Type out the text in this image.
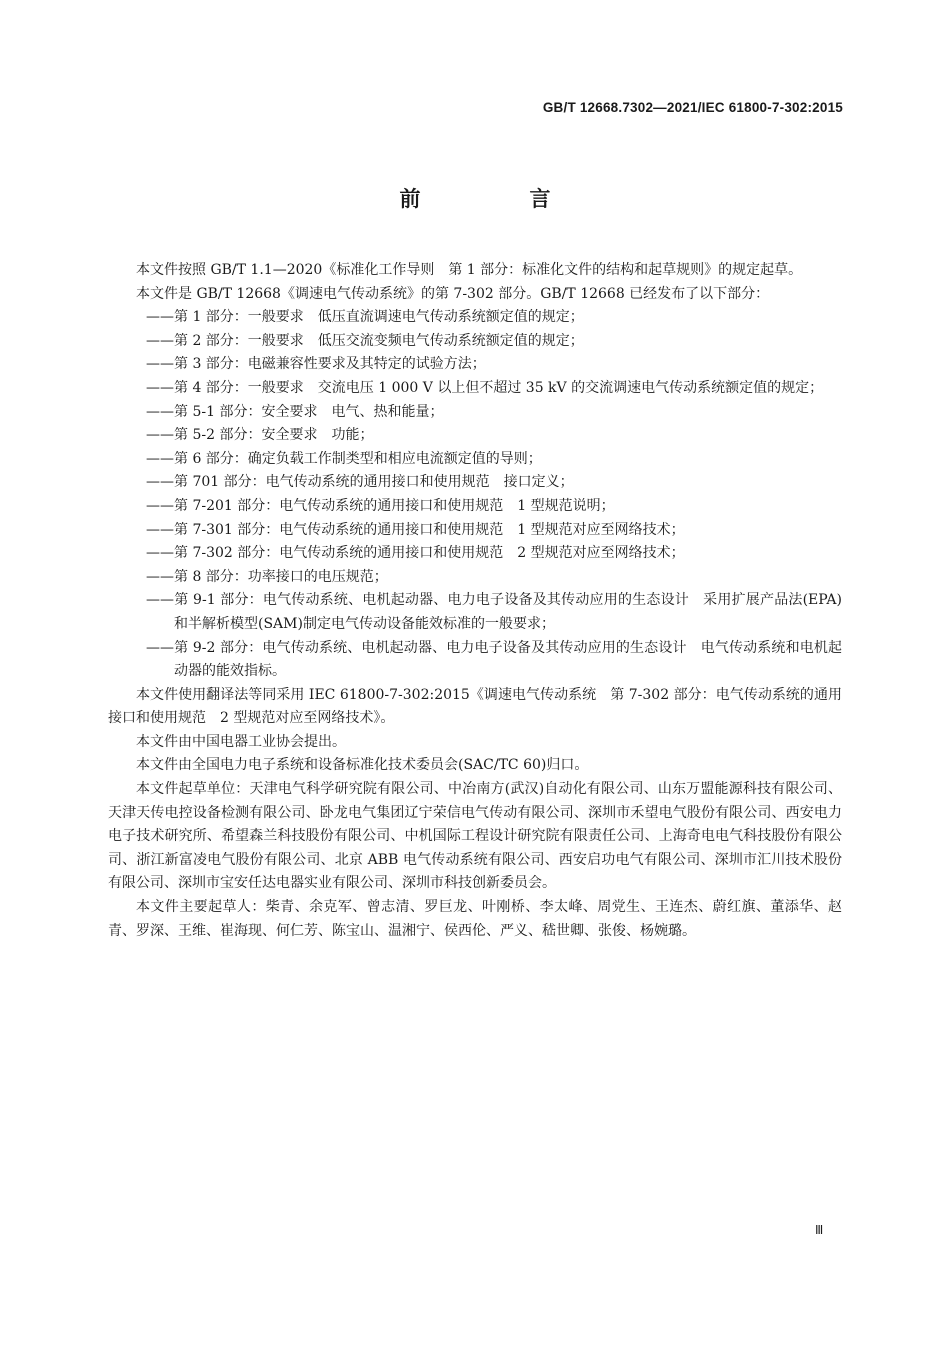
GB/T 12668.7302—2021/IEC 61800-7-302:2015
前　言

本文件按照 GB/T 1.1—2020《标准化工作导则　第 1 部分：标准化文件的结构和起草规则》的规定起草。

本文件是 GB/T 12668《调速电气传动系统》的第 7-302 部分。GB/T 12668 已经发布了以下部分：

——第 1 部分：一般要求　低压直流调速电气传动系统额定值的规定；

——第 2 部分：一般要求　低压交流变频电气传动系统额定值的规定；

——第 3 部分：电磁兼容性要求及其特定的试验方法；

——第 4 部分：一般要求　交流电压 1 000 V 以上但不超过 35 kV 的交流调速电气传动系统额定值的规定；

——第 5-1 部分：安全要求　电气、热和能量；

——第 5-2 部分：安全要求　功能；

——第 6 部分：确定负载工作制类型和相应电流额定值的导则；

——第 701 部分：电气传动系统的通用接口和使用规范　接口定义；

——第 7-201 部分：电气传动系统的通用接口和使用规范　1 型规范说明；

——第 7-301 部分：电气传动系统的通用接口和使用规范　1 型规范对应至网络技术；

——第 7-302 部分：电气传动系统的通用接口和使用规范　2 型规范对应至网络技术；

——第 8 部分：功率接口的电压规范；

——第 9-1 部分：电气传动系统、电机起动器、电力电子设备及其传动应用的生态设计　采用扩展产品法(EPA)和半解析模型(SAM)制定电气传动设备能效标准的一般要求；

——第 9-2 部分：电气传动系统、电机起动器、电力电子设备及其传动应用的生态设计　电气传动系统和电机起动器的能效指标。

本文件使用翻译法等同采用 IEC 61800-7-302:2015《调速电气传动系统　第 7-302 部分：电气传动系统的通用接口和使用规范　2 型规范对应至网络技术》。

本文件由中国电器工业协会提出。

本文件由全国电力电子系统和设备标准化技术委员会(SAC/TC 60)归口。

本文件起草单位：天津电气科学研究院有限公司、中冶南方(武汉)自动化有限公司、山东万盟能源科技有限公司、天津天传电控设备检测有限公司、卧龙电气集团辽宁荣信电气传动有限公司、深圳市禾望电气股份有限公司、西安电力电子技术研究所、希望森兰科技股份有限公司、中机国际工程设计研究院有限责任公司、上海奇电电气科技股份有限公司、浙江新富凌电气股份有限公司、北京 ABB 电气传动系统有限公司、西安启功电气有限公司、深圳市汇川技术股份有限公司、深圳市宝安任达电器实业有限公司、深圳市科技创新委员会。

本文件主要起草人：柴青、余克军、曾志清、罗巨龙、叶刚桥、李太峰、周党生、王连杰、蔚红旗、董添华、赵青、罗深、王维、崔海现、何仁芳、陈宝山、温湘宁、侯西伦、严义、嵇世卿、张俊、杨婉璐。

Ⅲ
